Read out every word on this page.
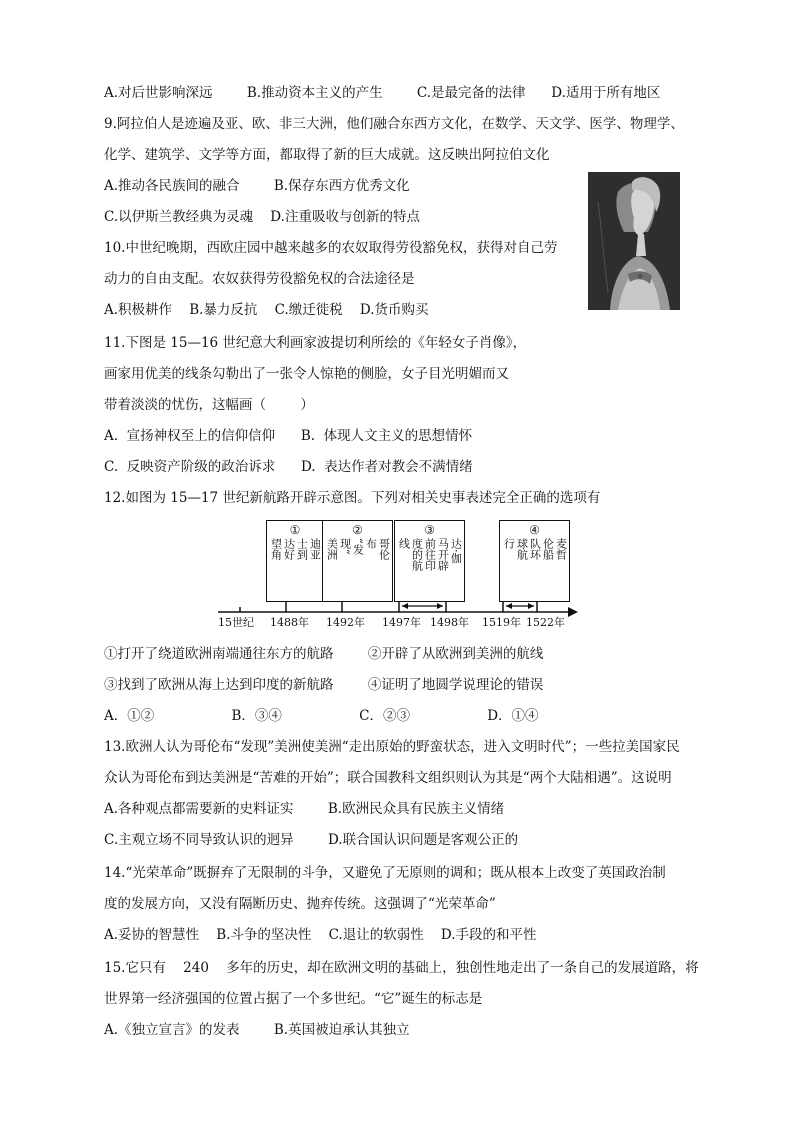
A.对后世影响深远        B.推动资本主义的产生        C.是最完备的法律      D.适用于所有地区
9.阿拉伯人是迹遍及亚、欧、非三大洲，他们融合东西方文化，在数学、天文学、医学、物理学、
化学、建筑学、文学等方面，都取得了新的巨大成就。这反映出阿拉伯文化
A.推动各民族间的融合        B.保存东西方优秀文化
C.以伊斯兰教经典为灵魂    D.注重吸收与创新的特点
10.中世纪晚期，西欧庄园中越来越多的农奴取得劳役豁免权，获得对自己劳
动力的自由支配。农奴获得劳役豁免权的合法途径是
A.积极耕作    B.暴力反抗    C.缴迁徙税    D.货币购买
11.下图是 15—16 世纪意大利画家波提切利所绘的《年轻女子肖像》，
画家用优美的线条勾勒出了一张令人惊艳的侧脸，女子目光明媚而又
带着淡淡的忧伤，这幅画（        ）
A.  宣扬神权至上的信仰信仰      B.  体现人文主义的思想情怀
C.  反映资产阶级的政治诉求      D.  表达作者对教会不满情绪
12.如图为 15—17 世纪新航路开辟示意图。下列对相关史事表述完全正确的选项有
①打开了绕道欧洲南端通往东方的航路        ②开辟了从欧洲到美洲的航线
③找到了欧洲从海上达到印度的新航路        ④证明了地圆学说理论的错误
A．①②                  B．③④                  C．②③                  D．①④
13.欧洲人认为哥伦布“发现”美洲使美洲“走出原始的野蛮状态，进入文明时代”；一些拉美国家民
众认为哥伦布到达美洲是“苦难的开始”；联合国教科文组织则认为其是“两个大陆相遇”。这说明
A.各种观点都需要新的史料证实        B.欧洲民众具有民族主义情绪
C.主观立场不同导致认识的迥异        D.联合国认识问题是客观公正的
14.“光荣革命”既摒弃了无限制的斗争，又避免了无原则的调和；既从根本上改变了英国政治制
度的发展方向，又没有隔断历史、抛弃传统。这强调了“光荣革命”
A.妥协的智慧性    B.斗争的坚决性    C.退让的软弱性    D.手段的和平性
15.它只有    240    多年的历史，却在欧洲文明的基础上，独创性地走出了一条自己的发展道路，将
世界第一经济强国的位置占据了一个多世纪。“它”诞生的标志是
A.《独立宣言》的发表        B.英国被迫承认其独立
①
迪亚
士到
达好
望角
②
哥伦
布
“发
现”
美洲
③
达·伽
马开辟
前往印
度的航
线
④
麦哲
伦船
队环
球航
行
15世纪 1488年 1492年 1497年 1498年 1519年 1522年
